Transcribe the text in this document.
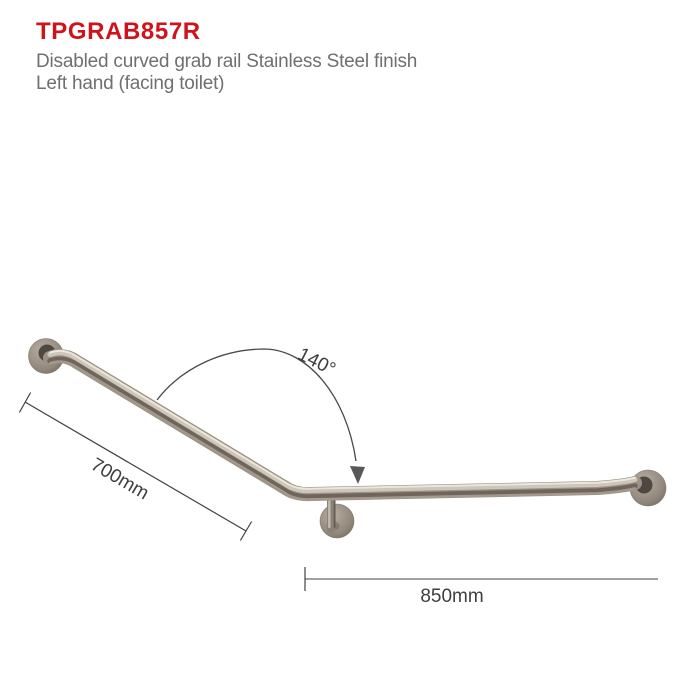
TPGRAB857R

Disabled curved grab rail Stainless Steel finish

Left hand (facing toilet)

140°
700mm
850mm
